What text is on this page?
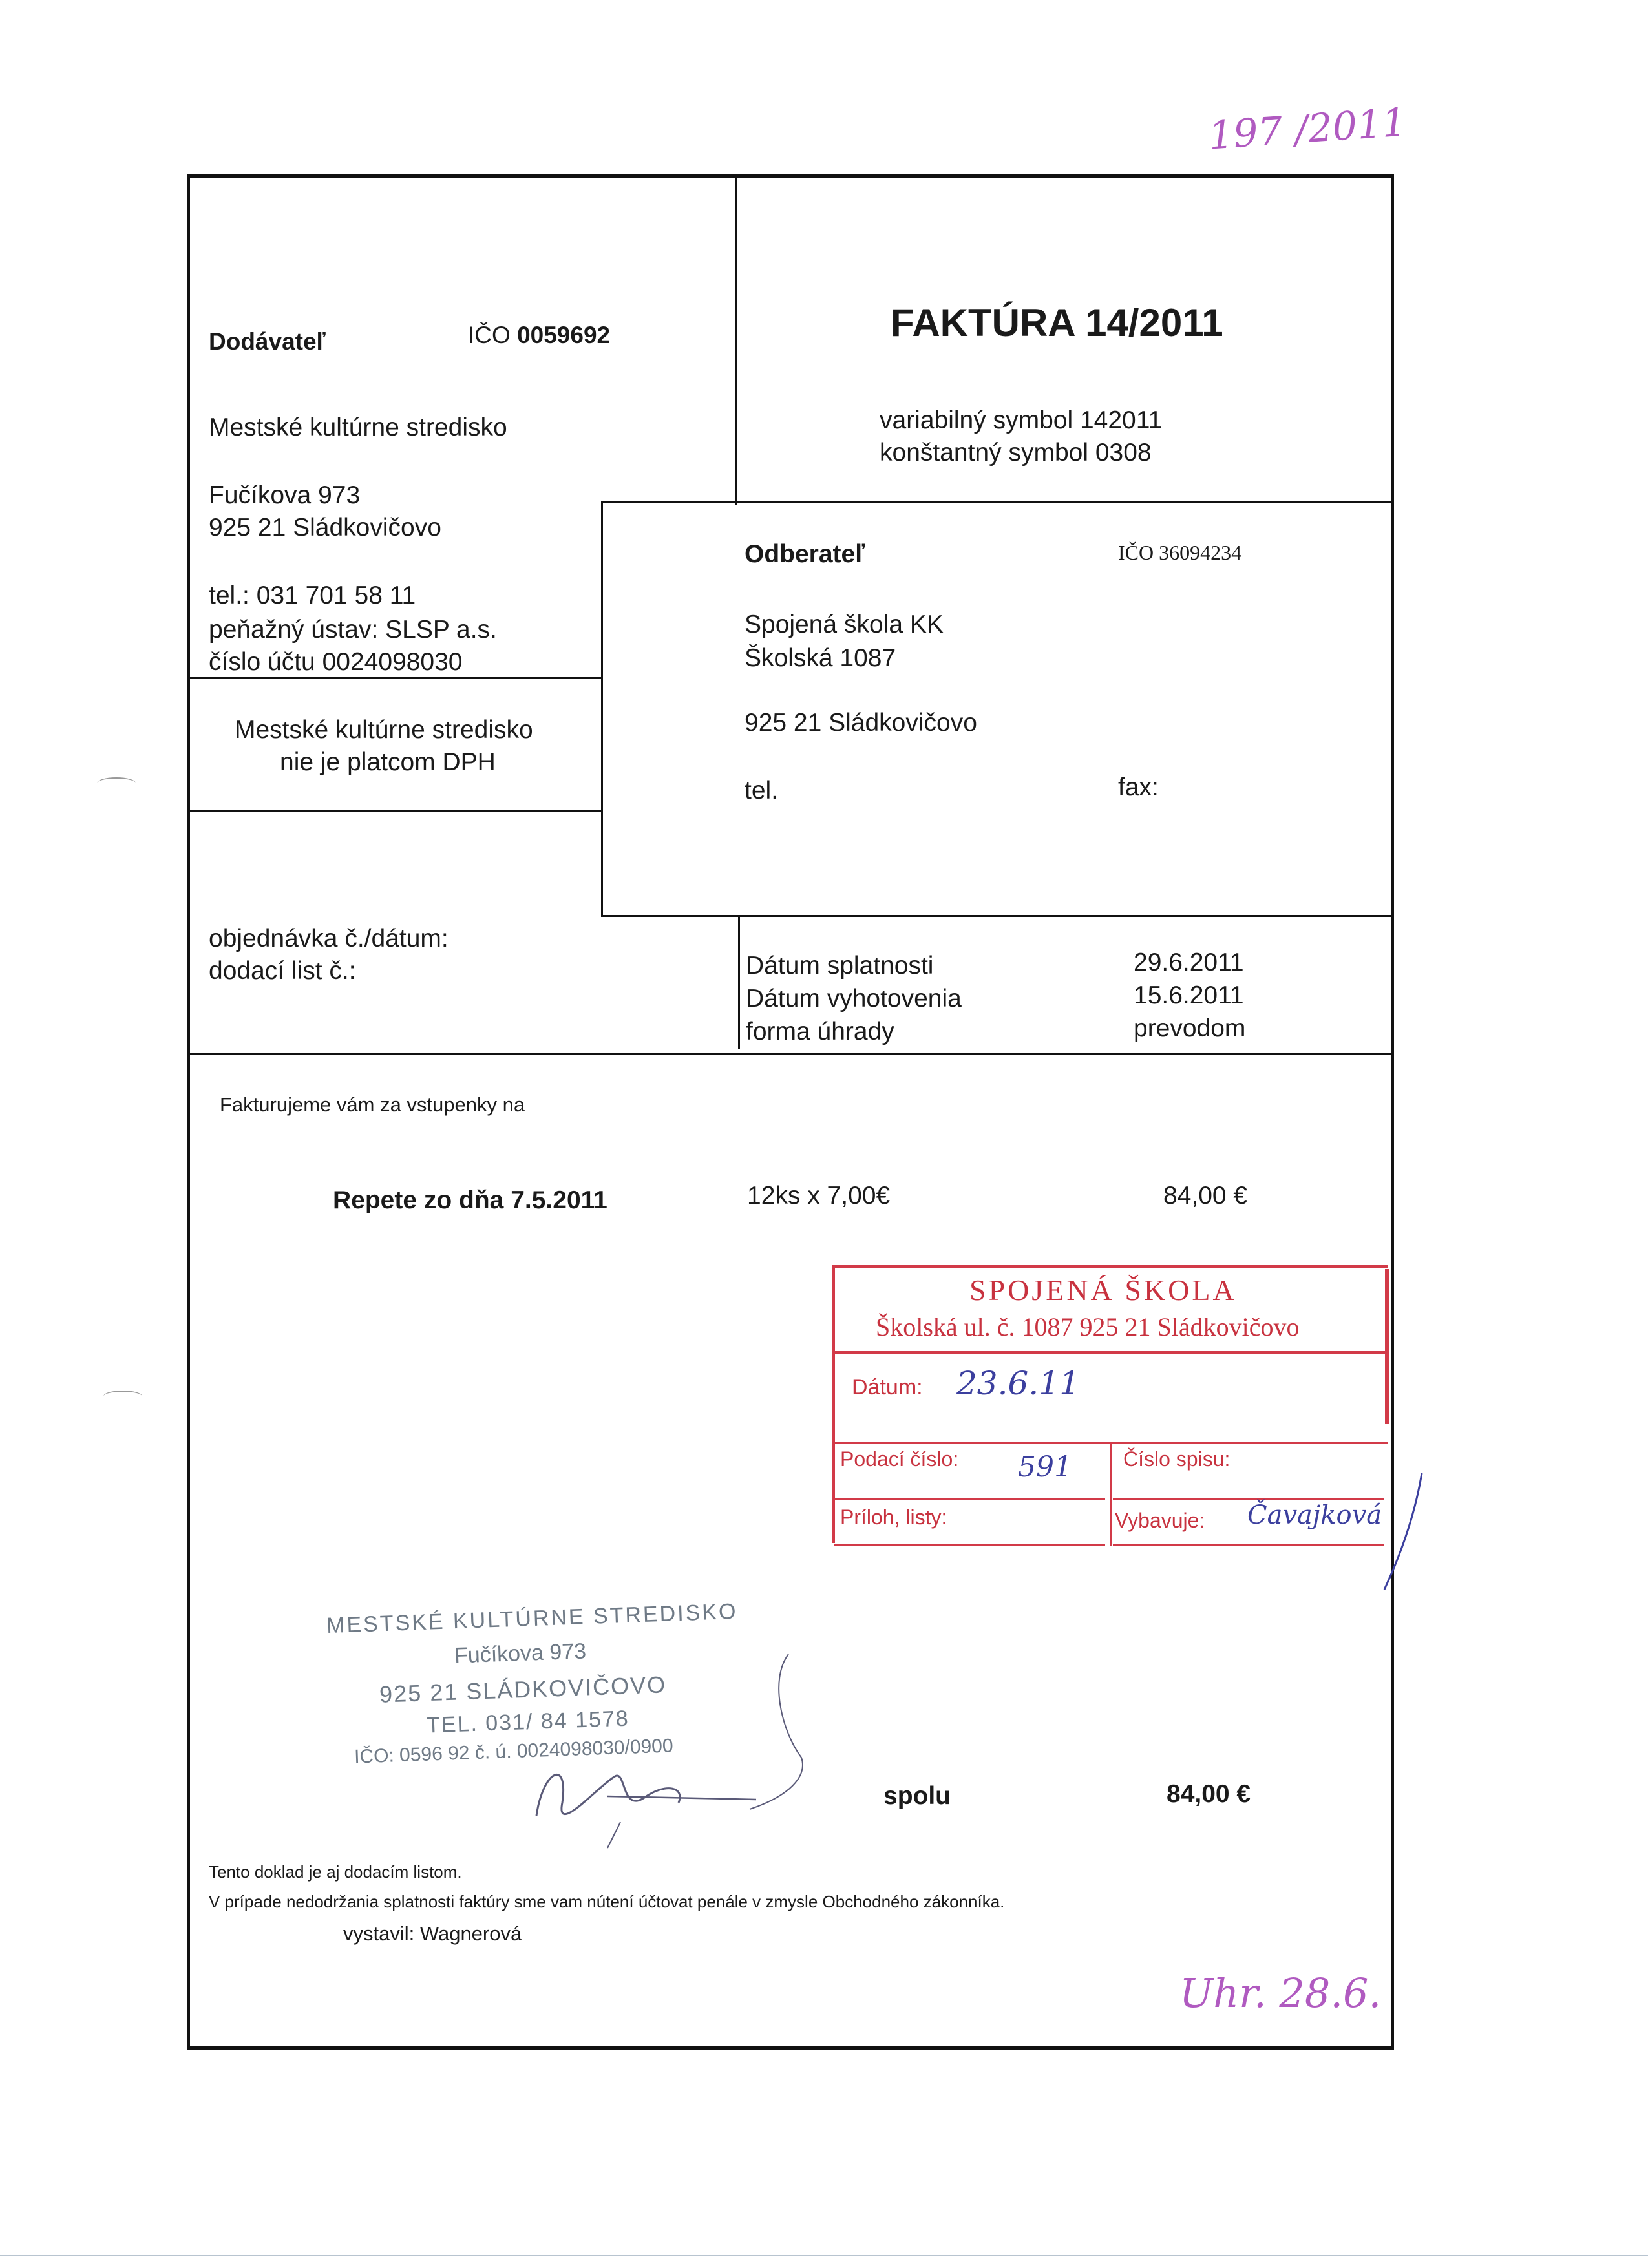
197 /2011
Dodávateľ	IČO 0059692
Mestské kultúrne stredisko
Fučíkova 973
925 21 Sládkovičovo
tel.: 031 701 58 11
peňažný ústav: SLSP a.s.
číslo účtu 0024098030
Mestské kultúrne stredisko
nie je platcom DPH
FAKTÚRA 14/2011
variabilný symbol 142011
konštantný symbol 0308
Odberateľ	IČO 36094234
Spojená škola KK
Školská 1087
925 21 Sládkovičovo
tel.	fax:
objednávka č./dátum:
dodací list č.:	Dátum splatnosti	29.6.2011
Dátum vyhotovenia	15.6.2011
forma úhrady	prevodom
Fakturujeme vám za vstupenky na
Repete zo dňa 7.5.2011	12ks x 7,00€	84,00 €
SPOJENÁ ŠKOLA
Školská ul. č. 1087 925 21 Sládkovičovo
Dátum: 23.6.11
Podací číslo: 591 Číslo spisu:
Príloh, listy:	Vybavuje: Čavajková
MESTSKÉ KULTÚRNE STREDISKO
Fučíkova 973
925 21 SLÁDKOVIČOVO
TEL. 031/ 84 1578
IČO: 0596 92 č. ú. 0024098030/0900
spolu	84,00 €
Tento doklad je aj dodacím listom.
V prípade nedodržania splatnosti faktúry sme vam nútení účtovat penále v zmysle Obchodného zákonníka.
vystavil: Wagnerová
Uhr. 28.6.
